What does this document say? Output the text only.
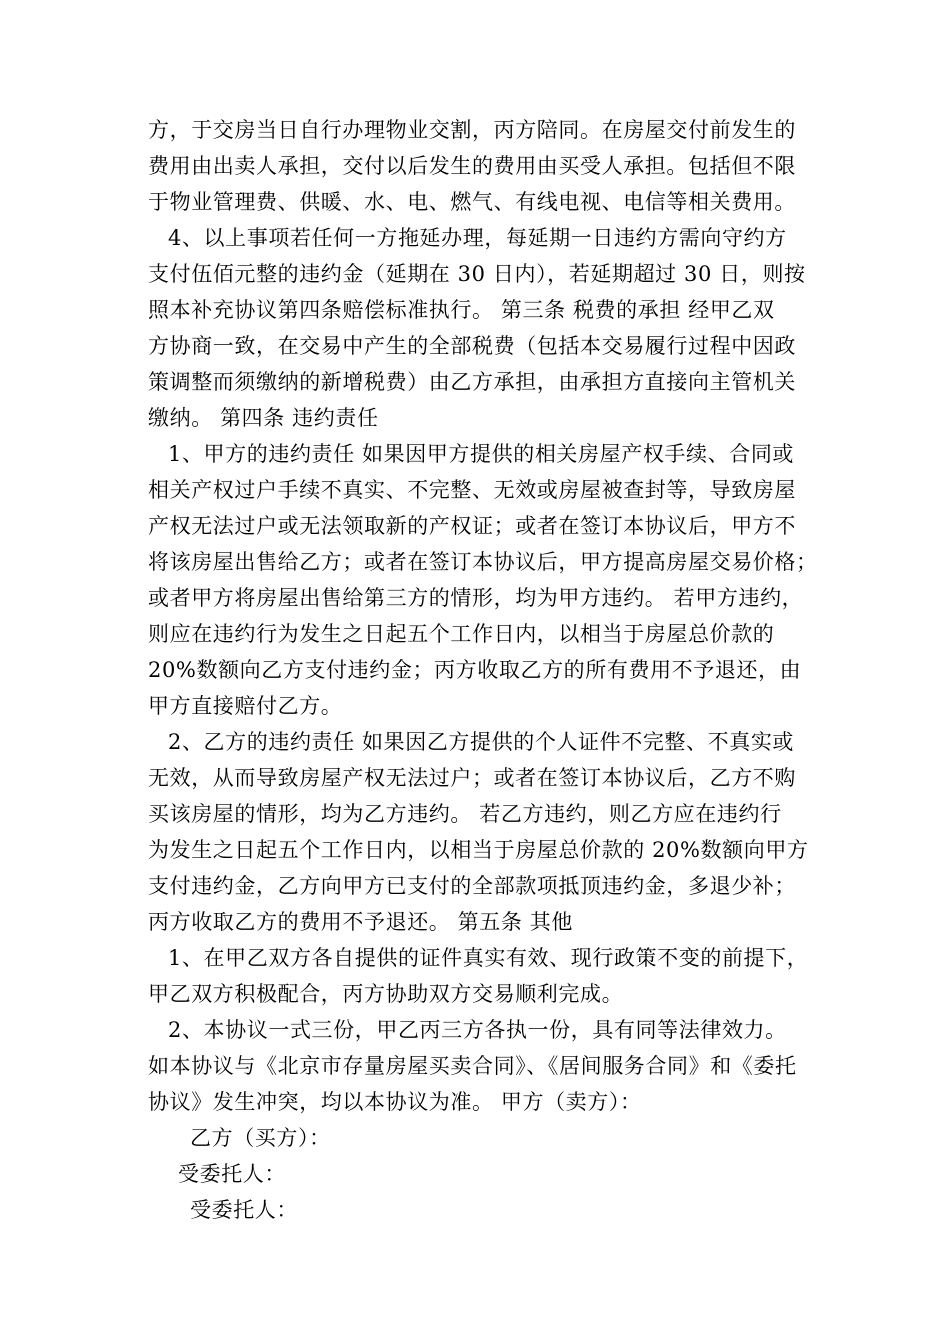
方，于交房当日自行办理物业交割，丙方陪同。在房屋交付前发生的
费用由出卖人承担，交付以后发生的费用由买受人承担。包括但不限
于物业管理费、供暖、水、电、燃气、有线电视、电信等相关费用。
4、以上事项若任何一方拖延办理，每延期一日违约方需向守约方
支付伍佰元整的违约金（延期在 30 日内），若延期超过 30 日，则按
照本补充协议第四条赔偿标准执行。 第三条 税费的承担 经甲乙双
方协商一致，在交易中产生的全部税费（包括本交易履行过程中因政
策调整而须缴纳的新增税费）由乙方承担，由承担方直接向主管机关
缴纳。 第四条 违约责任
1、甲方的违约责任 如果因甲方提供的相关房屋产权手续、合同或
相关产权过户手续不真实、不完整、无效或房屋被查封等，导致房屋
产权无法过户或无法领取新的产权证；或者在签订本协议后，甲方不
将该房屋出售给乙方；或者在签订本协议后，甲方提高房屋交易价格；
或者甲方将房屋出售给第三方的情形，均为甲方违约。 若甲方违约，
则应在违约行为发生之日起五个工作日内，以相当于房屋总价款的
20%数额向乙方支付违约金；丙方收取乙方的所有费用不予退还，由
甲方直接赔付乙方。
2、乙方的违约责任 如果因乙方提供的个人证件不完整、不真实或
无效，从而导致房屋产权无法过户；或者在签订本协议后，乙方不购
买该房屋的情形，均为乙方违约。 若乙方违约，则乙方应在违约行
为发生之日起五个工作日内，以相当于房屋总价款的 20%数额向甲方
支付违约金，乙方向甲方已支付的全部款项抵顶违约金，多退少补；
丙方收取乙方的费用不予退还。 第五条 其他
1、在甲乙双方各自提供的证件真实有效、现行政策不变的前提下，
甲乙双方积极配合，丙方协助双方交易顺利完成。
2、本协议一式三份，甲乙丙三方各执一份，具有同等法律效力。
如本协议与《北京市存量房屋买卖合同》、《居间服务合同》和《委托
协议》发生冲突，均以本协议为准。 甲方（卖方）：
乙方（买方）：
受委托人：
受委托人：
